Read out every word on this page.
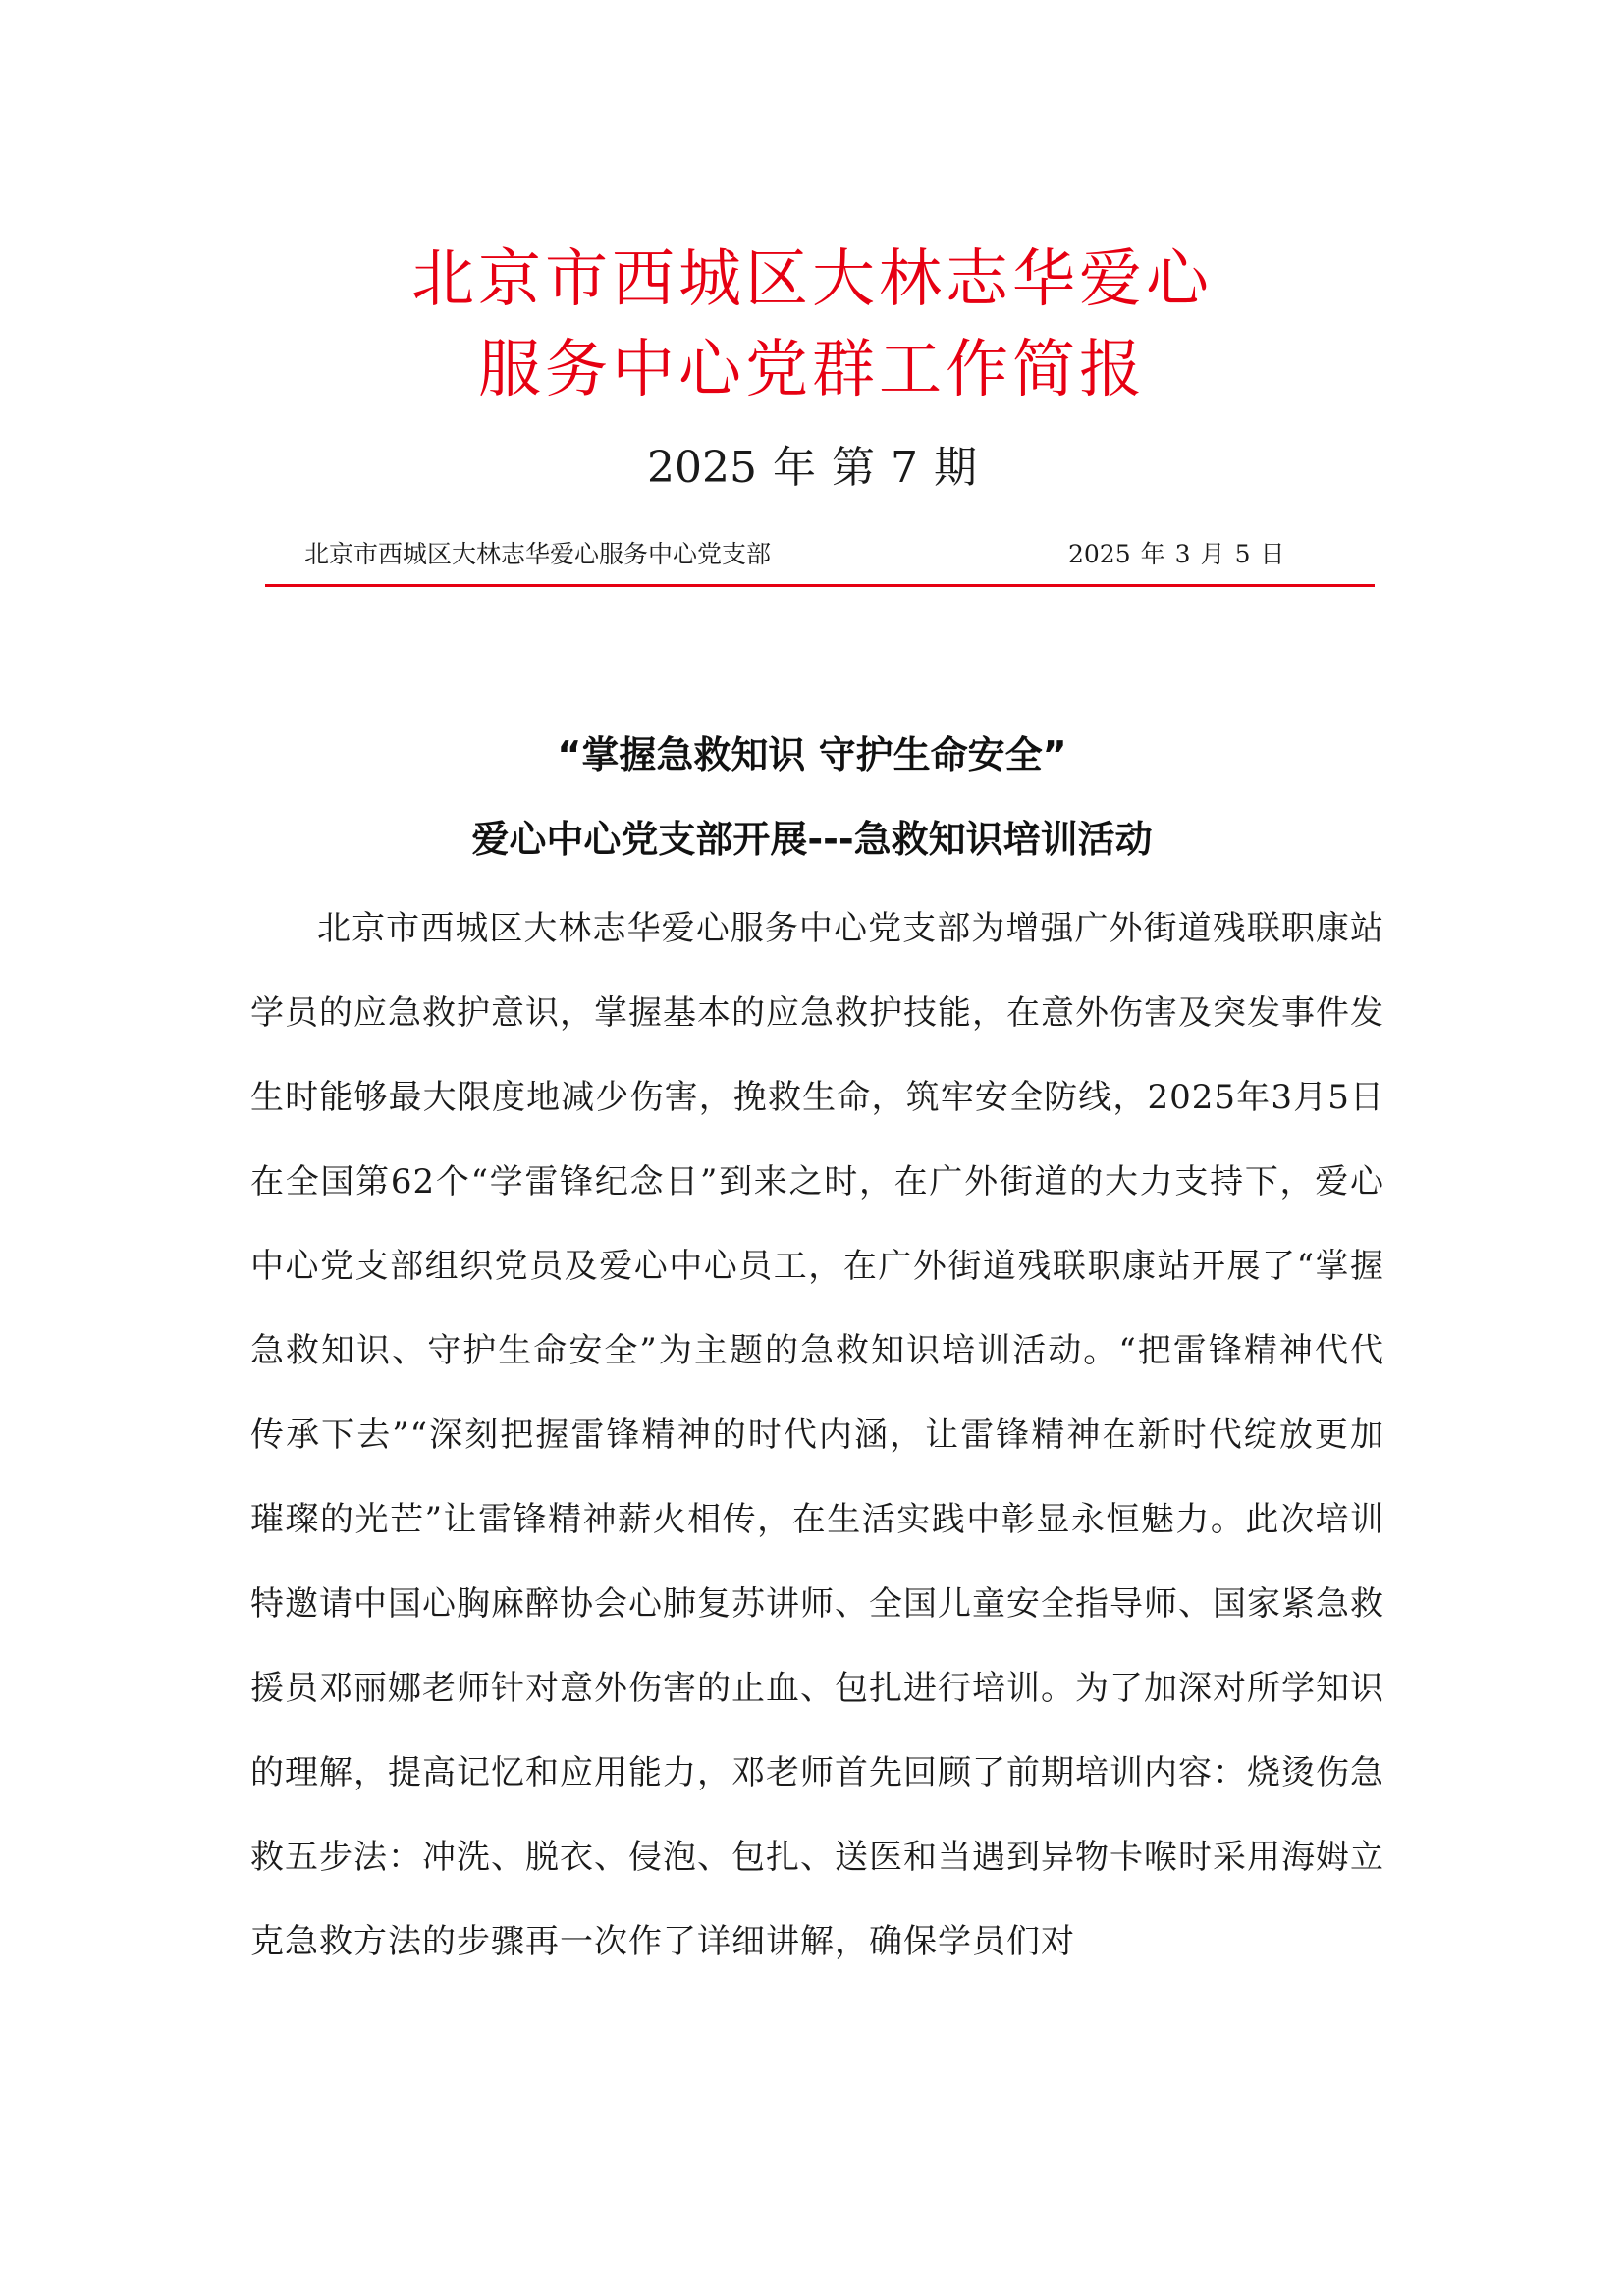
北京市西城区大林志华爱心
服务中心党群工作简报
2025 年 第 7 期
北京市西城区大林志华爱心服务中心党支部	2025 年 3 月 5 日
“掌握急救知识 守护生命安全”
爱心中心党支部开展---急救知识培训活动

北京市西城区大林志华爱心服务中心党支部为增强广外街道残联职康站学员的应急救护意识，掌握基本的应急救护技能，在意外伤害及突发事件发生时能够最大限度地减少伤害，挽救生命，筑牢安全防线，2025年3月5日在全国第62个“学雷锋纪念日”到来之时，在广外街道的大力支持下，爱心中心党支部组织党员及爱心中心员工，在广外街道残联职康站开展了“掌握急救知识、守护生命安全”为主题的急救知识培训活动。“把雷锋精神代代传承下去”“深刻把握雷锋精神的时代内涵，让雷锋精神在新时代绽放更加璀璨的光芒”让雷锋精神薪火相传，在生活实践中彰显永恒魅力。此次培训特邀请中国心胸麻醉协会心肺复苏讲师、全国儿童安全指导师、国家紧急救援员邓丽娜老师针对意外伤害的止血、包扎进行培训。为了加深对所学知识的理解，提高记忆和应用能力，邓老师首先回顾了前期培训内容：烧烫伤急救五步法：冲洗、脱衣、侵泡、包扎、送医和当遇到异物卡喉时采用海姆立克急救方法的步骤再一次作了详细讲解，确保学员们对
